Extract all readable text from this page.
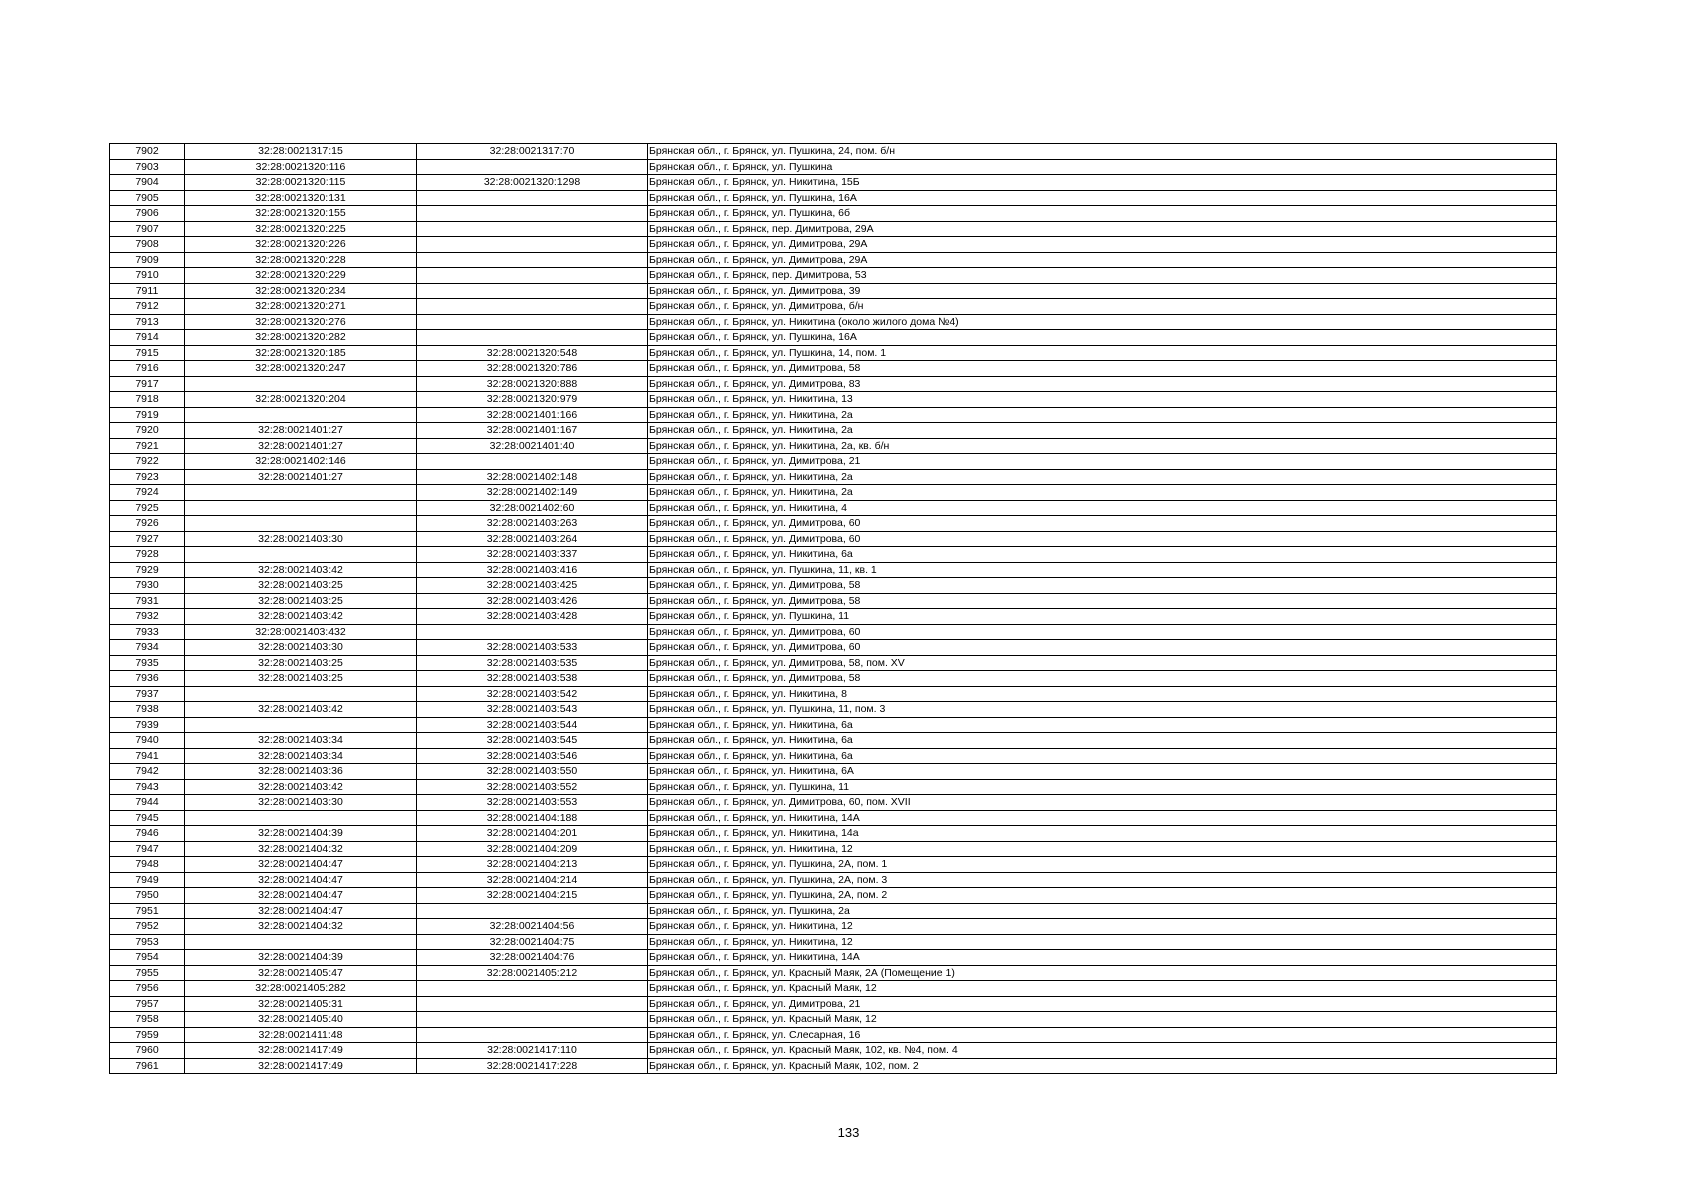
7902	32:28:0021317:15	32:28:0021317:70	Брянская обл., г. Брянск, ул. Пушкина, 24, пом. б/н
7903	32:28:0021320:116		Брянская обл., г. Брянск, ул. Пушкина
7904	32:28:0021320:115	32:28:0021320:1298	Брянская обл., г. Брянск, ул. Никитина, 15Б
7905	32:28:0021320:131		Брянская обл., г. Брянск, ул. Пушкина, 16А
7906	32:28:0021320:155		Брянская обл., г. Брянск, ул. Пушкина, 6б
7907	32:28:0021320:225		Брянская обл., г. Брянск, пер. Димитрова, 29А
7908	32:28:0021320:226		Брянская обл., г. Брянск, ул. Димитрова, 29А
7909	32:28:0021320:228		Брянская обл., г. Брянск, ул. Димитрова, 29А
7910	32:28:0021320:229		Брянская обл., г. Брянск, пер. Димитрова, 53
7911	32:28:0021320:234		Брянская обл., г. Брянск, ул. Димитрова, 39
7912	32:28:0021320:271		Брянская обл., г. Брянск, ул. Димитрова, б/н
7913	32:28:0021320:276		Брянская обл., г. Брянск, ул. Никитина (около жилого дома №4)
7914	32:28:0021320:282		Брянская обл., г. Брянск, ул. Пушкина, 16А
7915	32:28:0021320:185	32:28:0021320:548	Брянская обл., г. Брянск, ул. Пушкина, 14, пом. 1
7916	32:28:0021320:247	32:28:0021320:786	Брянская обл., г. Брянск, ул. Димитрова, 58
7917		32:28:0021320:888	Брянская обл., г. Брянск, ул. Димитрова, 83
7918	32:28:0021320:204	32:28:0021320:979	Брянская обл., г. Брянск, ул. Никитина, 13
7919		32:28:0021401:166	Брянская обл., г. Брянск, ул. Никитина, 2а
7920	32:28:0021401:27	32:28:0021401:167	Брянская обл., г. Брянск, ул. Никитина, 2а
7921	32:28:0021401:27	32:28:0021401:40	Брянская обл., г. Брянск, ул. Никитина, 2а, кв. б/н
7922	32:28:0021402:146		Брянская обл., г. Брянск, ул. Димитрова, 21
7923	32:28:0021401:27	32:28:0021402:148	Брянская обл., г. Брянск, ул. Никитина, 2а
7924		32:28:0021402:149	Брянская обл., г. Брянск, ул. Никитина, 2а
7925		32:28:0021402:60	Брянская обл., г. Брянск, ул. Никитина, 4
7926		32:28:0021403:263	Брянская обл., г. Брянск, ул. Димитрова, 60
7927	32:28:0021403:30	32:28:0021403:264	Брянская обл., г. Брянск, ул. Димитрова, 60
7928		32:28:0021403:337	Брянская обл., г. Брянск, ул. Никитина, 6а
7929	32:28:0021403:42	32:28:0021403:416	Брянская обл., г. Брянск, ул. Пушкина, 11, кв. 1
7930	32:28:0021403:25	32:28:0021403:425	Брянская обл., г. Брянск, ул. Димитрова, 58
7931	32:28:0021403:25	32:28:0021403:426	Брянская обл., г. Брянск, ул. Димитрова, 58
7932	32:28:0021403:42	32:28:0021403:428	Брянская обл., г. Брянск, ул. Пушкина, 11
7933	32:28:0021403:432		Брянская обл., г. Брянск, ул. Димитрова, 60
7934	32:28:0021403:30	32:28:0021403:533	Брянская обл., г. Брянск, ул. Димитрова, 60
7935	32:28:0021403:25	32:28:0021403:535	Брянская обл., г. Брянск, ул. Димитрова, 58, пом. XV
7936	32:28:0021403:25	32:28:0021403:538	Брянская обл., г. Брянск, ул. Димитрова, 58
7937		32:28:0021403:542	Брянская обл., г. Брянск, ул. Никитина, 8
7938	32:28:0021403:42	32:28:0021403:543	Брянская обл., г. Брянск, ул. Пушкина, 11, пом. 3
7939		32:28:0021403:544	Брянская обл., г. Брянск, ул. Никитина, 6а
7940	32:28:0021403:34	32:28:0021403:545	Брянская обл., г. Брянск, ул. Никитина, 6а
7941	32:28:0021403:34	32:28:0021403:546	Брянская обл., г. Брянск, ул. Никитина, 6а
7942	32:28:0021403:36	32:28:0021403:550	Брянская обл., г. Брянск, ул. Никитина, 6А
7943	32:28:0021403:42	32:28:0021403:552	Брянская обл., г. Брянск, ул. Пушкина, 11
7944	32:28:0021403:30	32:28:0021403:553	Брянская обл., г. Брянск, ул. Димитрова, 60, пом. XVII
7945		32:28:0021404:188	Брянская обл., г. Брянск, ул. Никитина, 14А
7946	32:28:0021404:39	32:28:0021404:201	Брянская обл., г. Брянск, ул. Никитина, 14а
7947	32:28:0021404:32	32:28:0021404:209	Брянская обл., г. Брянск, ул. Никитина, 12
7948	32:28:0021404:47	32:28:0021404:213	Брянская обл., г. Брянск, ул. Пушкина, 2А, пом. 1
7949	32:28:0021404:47	32:28:0021404:214	Брянская обл., г. Брянск, ул. Пушкина, 2А, пом. 3
7950	32:28:0021404:47	32:28:0021404:215	Брянская обл., г. Брянск, ул. Пушкина, 2А, пом. 2
7951	32:28:0021404:47		Брянская обл., г. Брянск, ул. Пушкина, 2а
7952	32:28:0021404:32	32:28:0021404:56	Брянская обл., г. Брянск, ул. Никитина, 12
7953		32:28:0021404:75	Брянская обл., г. Брянск, ул. Никитина, 12
7954	32:28:0021404:39	32:28:0021404:76	Брянская обл., г. Брянск, ул. Никитина, 14А
7955	32:28:0021405:47	32:28:0021405:212	Брянская обл., г. Брянск, ул. Красный Маяк, 2А (Помещение 1)
7956	32:28:0021405:282		Брянская обл., г. Брянск, ул. Красный Маяк, 12
7957	32:28:0021405:31		Брянская обл., г. Брянск, ул. Димитрова, 21
7958	32:28:0021405:40		Брянская обл., г. Брянск, ул. Красный Маяк, 12
7959	32:28:0021411:48		Брянская обл., г. Брянск, ул. Слесарная, 16
7960	32:28:0021417:49	32:28:0021417:110	Брянская обл., г. Брянск, ул. Красный Маяк, 102, кв. №4, пом. 4
7961	32:28:0021417:49	32:28:0021417:228	Брянская обл., г. Брянск, ул. Красный Маяк, 102, пом. 2
133
